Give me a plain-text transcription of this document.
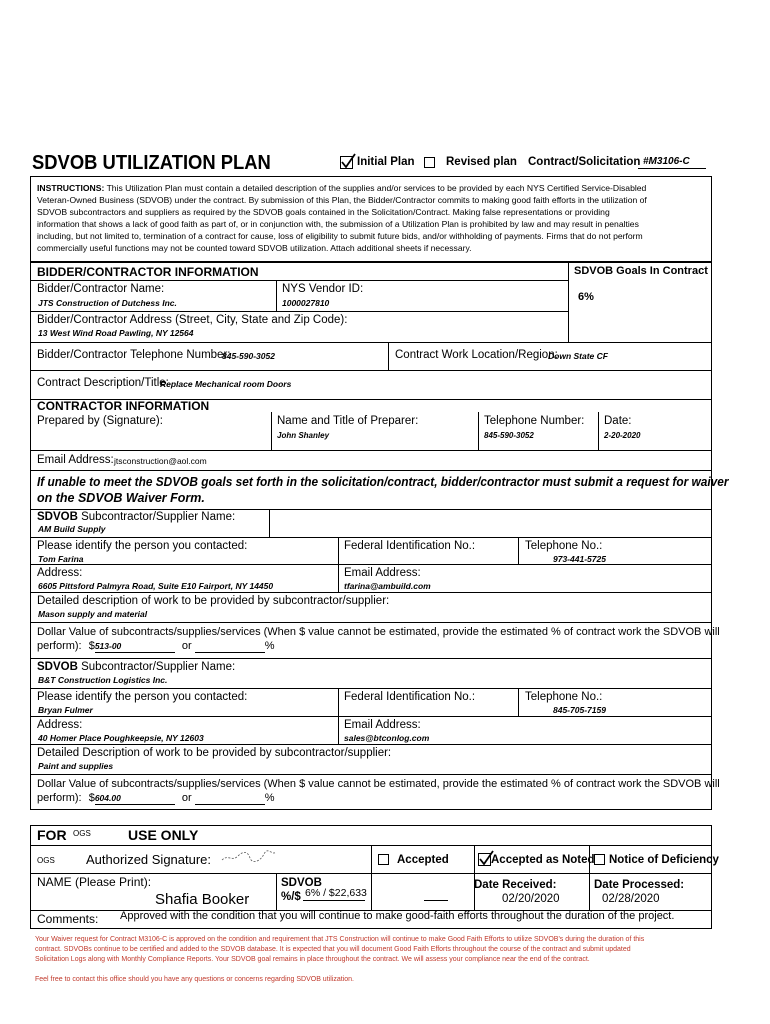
SDVOB UTILIZATION PLAN	Initial Plan	Revised plan Contract/Solicitation #M3106-C
INSTRUCTIONS: This Utilization Plan must contain a detailed description of the supplies and/or services to be provided by each NYS Certified Service-Disabled
Veteran-Owned Business (SDVOB) under the contract. By submission of this Plan, the Bidder/Contractor commits to making good faith efforts in the utilization of
SDVOB subcontractors and suppliers as required by the SDVOB goals contained in the Solicitation/Contract. Making false representations or providing
information that shows a lack of good faith as part of, or in conjunction with, the submission of a Utilization Plan is prohibited by law and may result in penalties
including, but not limited to, termination of a contract for cause, loss of eligibility to submit future bids, and/or withholding of payments. Firms that do not perform
commercially useful functions may not be counted toward SDVOB utilization. Attach additional sheets if necessary.
BIDDER/CONTRACTOR INFORMATION	SDVOB Goals In Contract
6%
Bidder/Contractor Name:
JTS Construction of Dutchess Inc.
NYS Vendor ID:
1000027810
Bidder/Contractor Address (Street, City, State and Zip Code):
13 West Wind Road Pawling, NY 12564
Bidder/Contractor Telephone Number:
845-590-3052	Contract Work Location/Region:
Down State CF
Contract Description/Title:
Replace Mechanical room Doors
CONTRACTOR INFORMATION
Prepared by (Signature):	Name and Title of Preparer:
John Shanley
Telephone Number:
845-590-3052
Date:
2-20-2020
Email Address: jtsconstruction@aol.com
If unable to meet the SDVOB goals set forth in the solicitation/contract, bidder/contractor must submit a request for waiver
on the SDVOB Waiver Form.
SDVOB Subcontractor/Supplier Name:
AM Build Supply
Please identify the person you contacted:
Tom Farina
Federal Identification No.:	Telephone No.:
973-441-5725
Address:
6605 Pittsford Palmyra Road, Suite E10 Fairport, NY 14450
Email Address:
tfarina@ambuild.com
Detailed description of work to be provided by subcontractor/supplier:
Mason supply and material
Dollar Value of subcontracts/supplies/services (When $ value cannot be estimated, provide the estimated % of contract work the SDVOB will
perform): $513-00	or	%
SDVOB Subcontractor/Supplier Name:
B&T Construction Logistics Inc.
Please identify the person you contacted:
Bryan Fulmer
Federal Identification No.:	Telephone No.:
845-705-7159
Address:
40 Homer Place Poughkeepsie, NY 12603
Email Address:
sales@btconlog.com
Detailed Description of work to be provided by subcontractor/supplier:
Paint and supplies
Dollar Value of subcontracts/supplies/services (When $ value cannot be estimated, provide the estimated % of contract work the SDVOB will
perform): $604.00	or	%
FOR OGS	USE ONLY
OGS Authorized Signature:	Accepted	Accepted as Noted Notice of Deficiency
NAME (Please Print):
Shafia Booker
SDVOB
%/$ 6% / $22,633
Date Received:
02/20/2020
Date Processed:
02/28/2020
Comments: Approved with the condition that you will continue to make good-faith efforts throughout the duration of the project.
Your Waiver request for Contract M3106-C is approved on the condition and requirement that JTS Construction will continue to make Good Faith Efforts to utilize SDVOB's during the duration of this
contract. SDVOBs continue to be certified and added to the SDVOB database. It is expected that you will document Good Faith Efforts throughout the course of the contract and submit updated
Solicitation Logs along with Monthly Compliance Reports. Your SDVOB goal remains in place throughout the contract. We will assess your compliance near the end of the contract.
Feel free to contact this office should you have any questions or concerns regarding SDVOB utilization.
